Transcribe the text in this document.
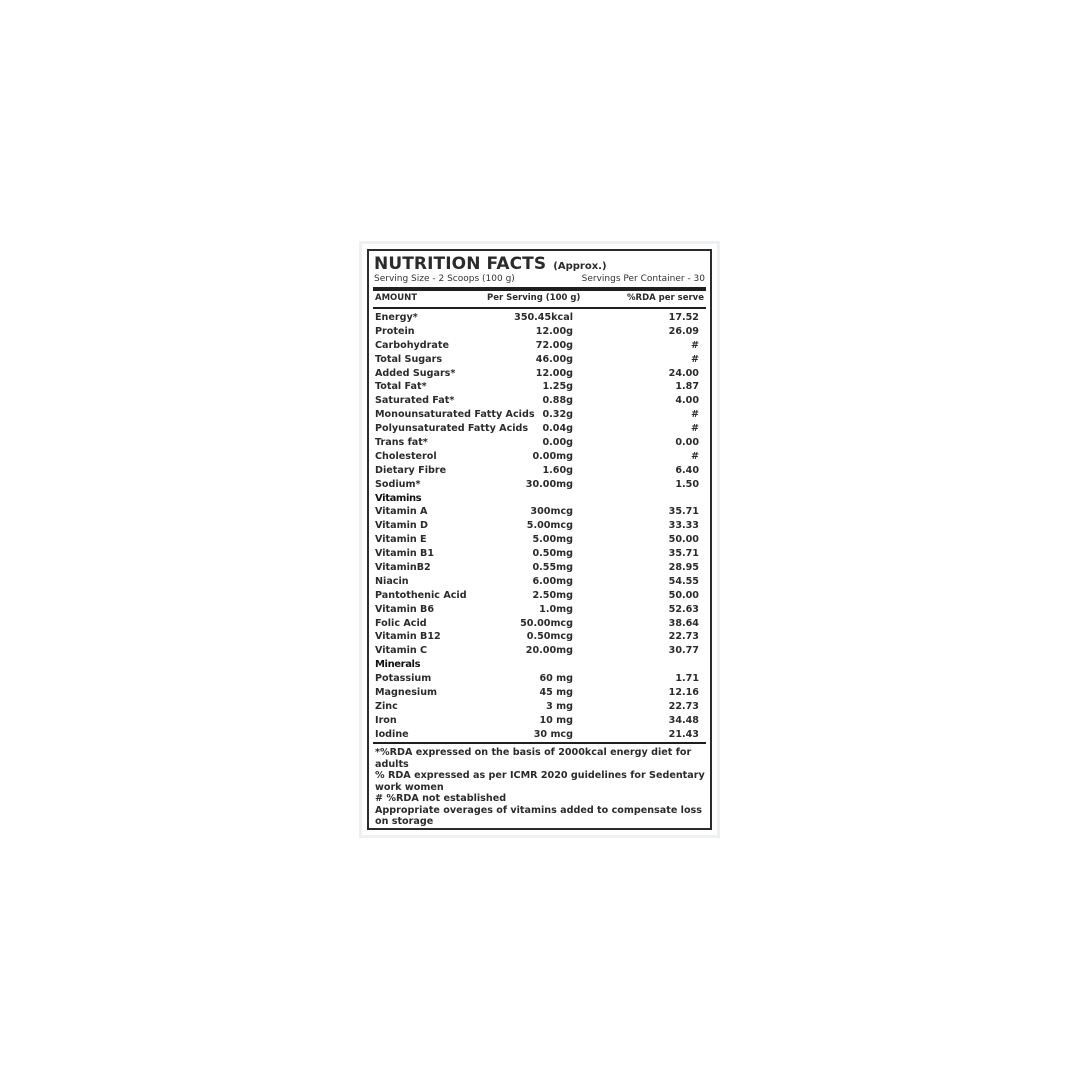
NUTRITION FACTS (Approx.)
Serving Size - 2 Scoops (100 g)	Servings Per Container - 30
AMOUNT	Per Serving (100 g)	%RDA per serve
Energy*	350.45kcal	17.52
Protein	12.00g	26.09
Carbohydrate	72.00g	#
Total Sugars	46.00g	#
Added Sugars*	12.00g	24.00
Total Fat*	1.25g	1.87
Saturated Fat*	0.88g	4.00
Monounsaturated Fatty Acids 0.32g	#
Polyunsaturated Fatty Acids 0.04g	#
Trans fat*	0.00g	0.00
Cholesterol	0.00mg	#
Dietary Fibre	1.60g	6.40
Sodium*	30.00mg	1.50
Vitamins
Vitamin A	300mcg	35.71
Vitamin D	5.00mcg	33.33
Vitamin E	5.00mg	50.00
Vitamin B1	0.50mg	35.71
VitaminB2	0.55mg	28.95
Niacin	6.00mg	54.55
Pantothenic Acid	2.50mg	50.00
Vitamin B6	1.0mg	52.63
Folic Acid	50.00mcg	38.64
Vitamin B12	0.50mcg	22.73
Vitamin C	20.00mg	30.77
Minerals
Potassium	60 mg	1.71
Magnesium	45 mg	12.16
Zinc	3 mg	22.73
Iron	10 mg	34.48
Iodine	30 mcg	21.43
*%RDA expressed on the basis of 2000kcal energy diet for adults
% RDA expressed as per ICMR 2020 guidelines for Sedentary work women
# %RDA not established
Appropriate overages of vitamins added to compensate loss on storage
